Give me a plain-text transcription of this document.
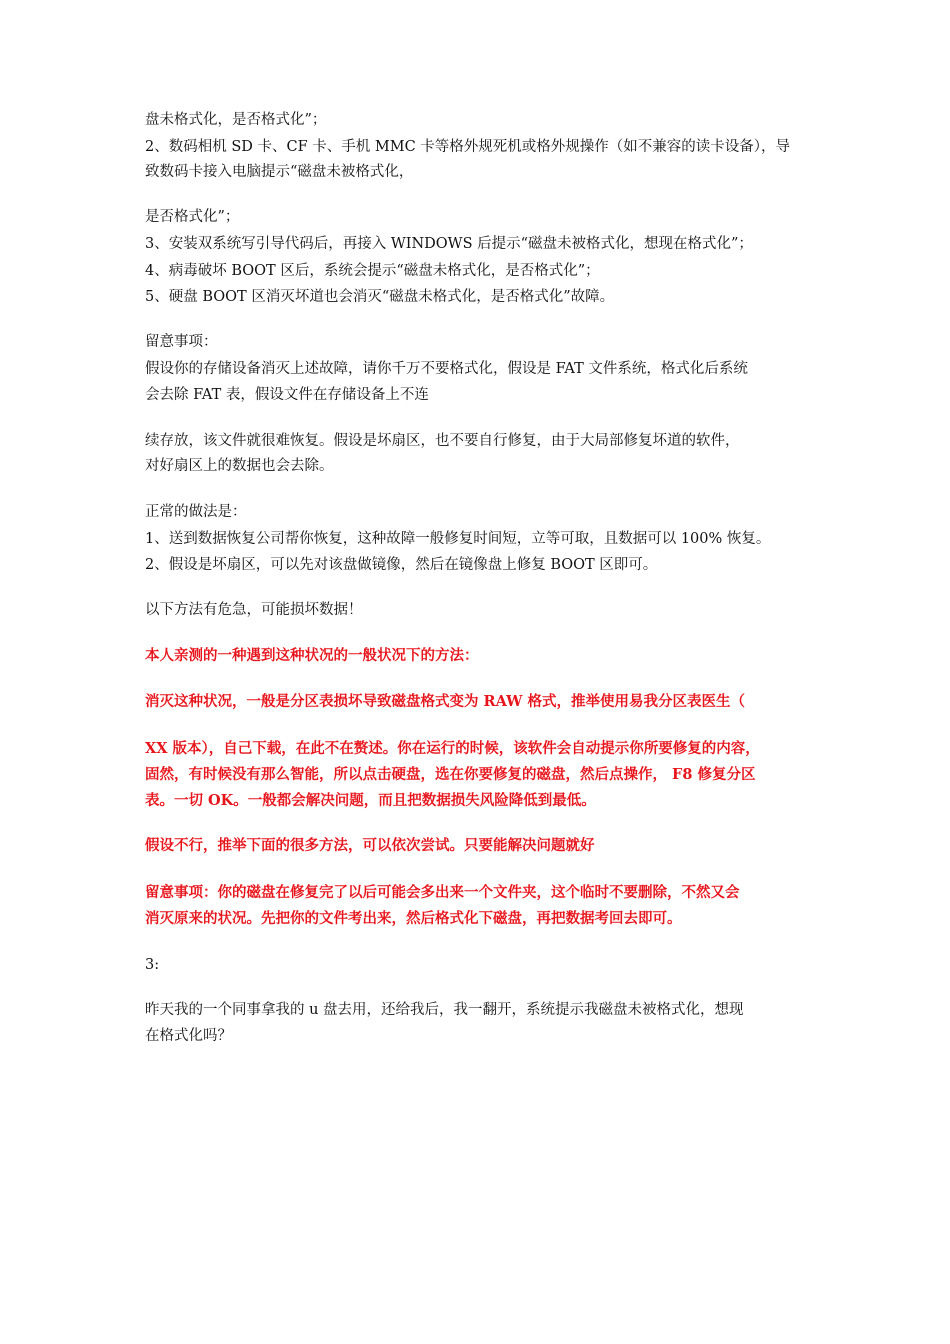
盘未格式化，是否格式化”；
2、数码相机 SD 卡、CF 卡、手机 MMC 卡等格外规死机或格外规操作（如不兼容的读卡设备），导
致数码卡接入电脑提示“磁盘未被格式化，
是否格式化”；
3、安装双系统写引导代码后，再接入 WINDOWS 后提示“磁盘未被格式化，想现在格式化”；
4、病毒破坏 BOOT 区后，系统会提示“磁盘未格式化，是否格式化”；
5、硬盘 BOOT 区消灭坏道也会消灭“磁盘未格式化，是否格式化”故障。
留意事项：
假设你的存储设备消灭上述故障，请你千万不要格式化，假设是 FAT 文件系统，格式化后系统
会去除 FAT 表，假设文件在存储设备上不连
续存放，该文件就很难恢复。假设是坏扇区，也不要自行修复，由于大局部修复坏道的软件，
对好扇区上的数据也会去除。
正常的做法是：
1、送到数据恢复公司帮你恢复，这种故障一般修复时间短，立等可取，且数据可以 100% 恢复。
2、假设是坏扇区，可以先对该盘做镜像，然后在镜像盘上修复 BOOT 区即可。
以下方法有危急，可能损坏数据！
本人亲测的一种遇到这种状况的一般状况下的方法：
消灭这种状况，一般是分区表损坏导致磁盘格式变为 RAW 格式，推举使用易我分区表医生（
XX 版本），自己下载，在此不在赘述。你在运行的时候，该软件会自动提示你所要修复的内容，
固然，有时候没有那么智能，所以点击硬盘，选在你要修复的磁盘，然后点操作， F8 修复分区
表。一切 OK。一般都会解决问题，而且把数据损失风险降低到最低。
假设不行，推举下面的很多方法，可以依次尝试。只要能解决问题就好
留意事项：你的磁盘在修复完了以后可能会多出来一个文件夹，这个临时不要删除，不然又会
消灭原来的状况。先把你的文件考出来，然后格式化下磁盘，再把数据考回去即可。
3:
昨天我的一个同事拿我的 u 盘去用，还给我后，我一翻开，系统提示我磁盘未被格式化，想现
在格式化吗？
